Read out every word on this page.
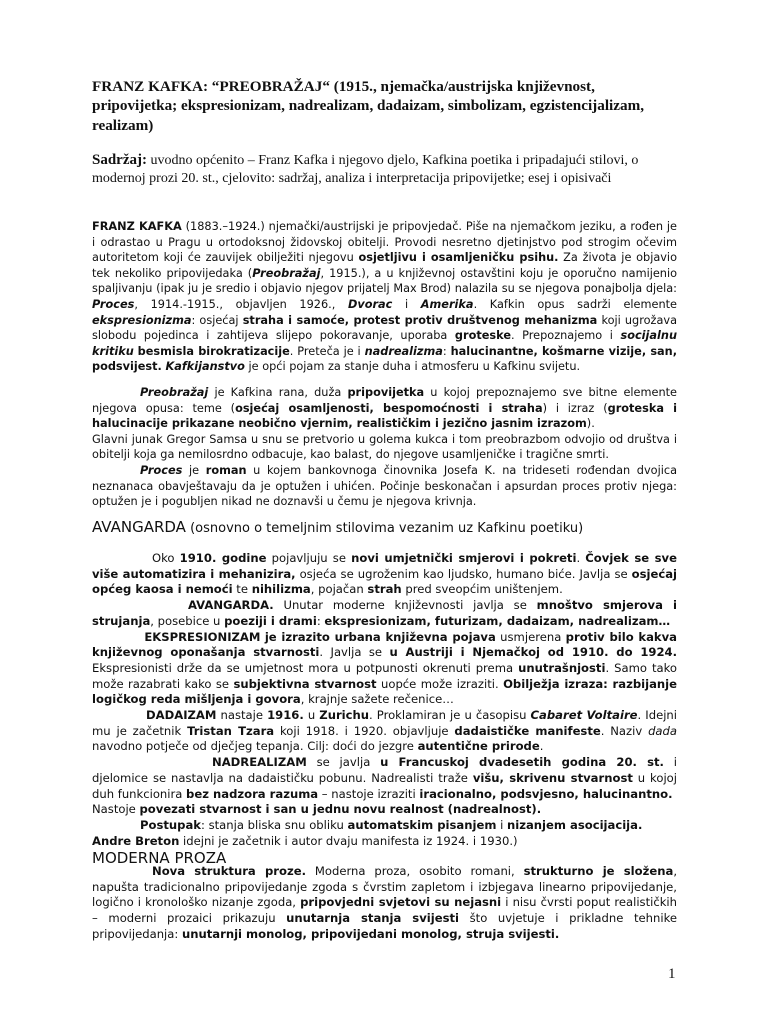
FRANZ KAFKA: “PREOBRAŽAJ“ (1915., njemačka/austrijska književnost, pripovijetka; ekspresionizam, nadrealizam, dadaizam, simbolizam, egzistencijalizam, realizam)
Sadržaj: uvodno općenito – Franz Kafka i njegovo djelo, Kafkina poetika i pripadajući stilovi, o modernoj prozi 20. st., cjelovito: sadržaj, analiza i interpretacija pripovijetke; esej i opisivači
FRANZ KAFKA (1883.–1924.) njemački/austrijski je pripovjedač. Piše na njemačkom jeziku, a rođen je i odrastao u Pragu u ortodoksnoj židovskoj obitelji. Provodi nesretno djetinjstvo pod strogim očevim autoritetom koji će zauvijek obilježiti njegovu osjetljivu i osamljeničku psihu. Za života je objavio tek nekoliko pripovijedaka (Preobražaj, 1915.), a u književnoj ostavštini koju je oporučno namijenio spaljivanju (ipak ju je sredio i objavio njegov prijatelj Max Brod) nalazila su se njegova ponajbolja djela: Proces, 1914.-1915., objavljen 1926., Dvorac i Amerika. Kafkin opus sadrži elemente ekspresionizma: osjećaj straha i samoće, protest protiv društvenog mehanizma koji ugrožava slobodu pojedinca i zahtijeva slijepo pokoravanje, uporaba groteske. Prepoznajemo i socijalnu kritiku besmisla birokratizacije. Preteča je i nadrealizma: halucinantne, košmarne vizije, san, podsvijest. Kafkijanstvo je opći pojam za stanje duha i atmosferu u Kafkinu svijetu.
Preobražaj je Kafkina rana, duža pripovijetka u kojoj prepoznajemo sve bitne elemente njegova opusa: teme (osjećaj osamljenosti, bespomoćnosti i straha) i izraz (groteska i halucinacije prikazane neobično vjernim, realističkim i jezično jasnim izrazom).
Glavni junak Gregor Samsa u snu se pretvorio u golema kukca i tom preobrazbom odvojio od društva i obitelji koja ga nemilosrdno odbacuje, kao balast, do njegove usamljeničke i tragične smrti.
Proces je roman u kojem bankovnoga činovnika Josefa K. na trideseti rođendan dvojica neznanaca obavještavaju da je optužen i uhićen. Počinje beskonačan i apsurdan proces protiv njega: optužen je i pogubljen nikad ne doznavši u čemu je njegova krivnja.
AVANGARDA (osnovno o temeljnim stilovima vezanim uz Kafkinu poetiku)
Oko 1910. godine pojavljuju se novi umjetnički smjerovi i pokreti. Čovjek se sve više automatizira i mehanizira, osjeća se ugroženim kao ljudsko, humano biće. Javlja se osjećaj općeg kaosa i nemoći te nihilizma, pojačan strah pred sveopćim uništenjem.
AVANGARDA. Unutar moderne književnosti javlja se mnoštvo smjerova i strujanja, posebice u poeziji i drami: ekspresionizam, futurizam, dadaizam, nadrealizam…
EKSPRESIONIZAM je izrazito urbana književna pojava usmjerena protiv bilo kakva književnog oponašanja stvarnosti. Javlja se u Austriji i Njemačkoj od 1910. do 1924. Ekspresionisti drže da se umjetnost mora u potpunosti okrenuti prema unutrašnjosti. Samo tako može razabrati kako se subjektivna stvarnost uopće može izraziti. Obilježja izraza: razbijanje logičkog reda mišljenja i govora, krajnje sažete rečenice…
DADAIZAM nastaje 1916. u Zurichu. Proklamiran je u časopisu Cabaret Voltaire. Idejni mu je začetnik Tristan Tzara koji 1918. i 1920. objavljuje dadaističke manifeste. Naziv dada navodno potječe od dječjeg tepanja. Cilj: doći do jezgre autentične prirode.
NADREALIZAM se javlja u Francuskoj dvadesetih godina 20. st. i djelomice se nastavlja na dadaističku pobunu. Nadrealisti traže višu, skrivenu stvarnost u kojoj duh funkcionira bez nadzora razuma – nastoje izraziti iracionalno, podsvjesno, halucinantno.
Nastoje povezati stvarnost i san u jednu novu realnost (nadrealnost).
Postupak: stanja bliska snu obliku automatskim pisanjem i nizanjem asocijacija.
Andre Breton idejni je začetnik i autor dvaju manifesta iz 1924. i 1930.)
MODERNA PROZA
Nova struktura proze. Moderna proza, osobito romani, strukturno je složena, napušta tradicionalno pripovijedanje zgoda s čvrstim zapletom i izbjegava linearno pripovijedanje, logično i kronološko nizanje zgoda, pripovjedni svjetovi su nejasni i nisu čvrsti poput realističkih – moderni prozaici prikazuju unutarnja stanja svijesti što uvjetuje i prikladne tehnike pripovijedanja: unutarnji monolog, pripovijedani monolog, struja svijesti.
1
